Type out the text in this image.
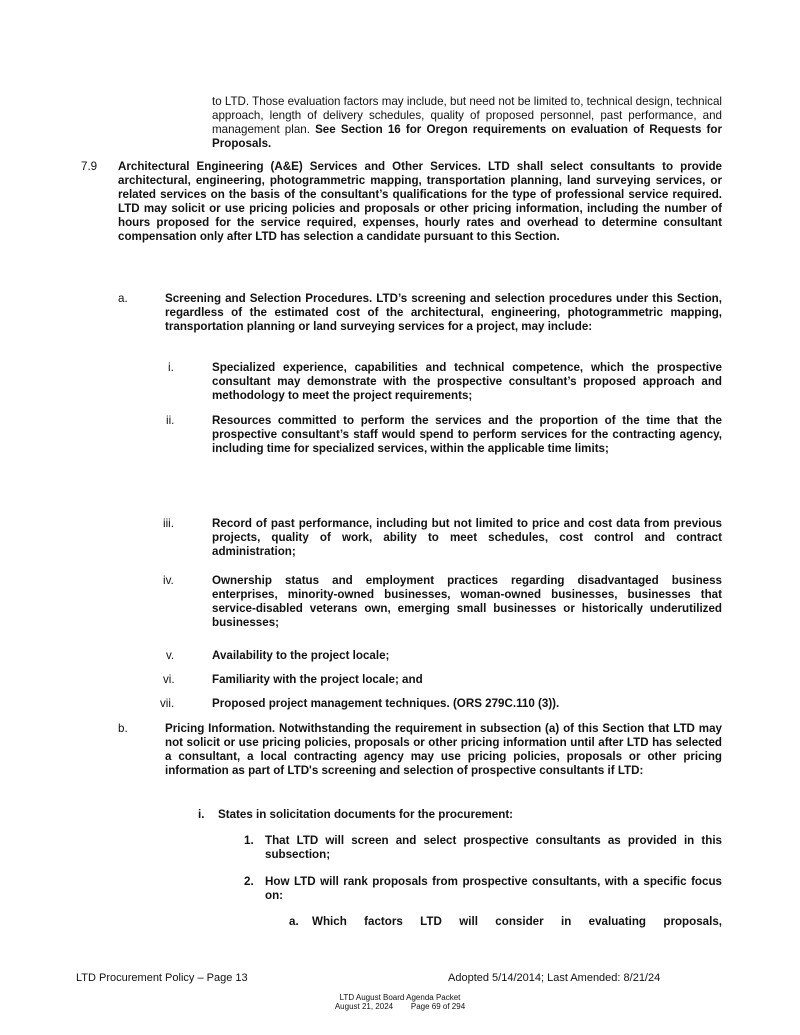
to LTD. Those evaluation factors may include, but need not be limited to, technical design, technical approach, length of delivery schedules, quality of proposed personnel, past performance, and management plan. See Section 16 for Oregon requirements on evaluation of Requests for Proposals.

7.9 Architectural Engineering (A&E) Services and Other Services. LTD shall select consultants to provide architectural, engineering, photogrammetric mapping, transportation planning, land surveying services, or related services on the basis of the consultant’s qualifications for the type of professional service required. LTD may solicit or use pricing policies and proposals or other pricing information, including the number of hours proposed for the service required, expenses, hourly rates and overhead to determine consultant compensation only after LTD has selection a candidate pursuant to this Section.

a.	Screening and Selection Procedures. LTD’s screening and selection procedures under this Section, regardless of the estimated cost of the architectural, engineering, photogrammetric mapping, transportation planning or land surveying services for a project, may include:

i.	Specialized experience, capabilities and technical competence, which the prospective consultant may demonstrate with the prospective consultant’s proposed approach and methodology to meet the project requirements;

ii.	Resources committed to perform the services and the proportion of the time that the prospective consultant’s staff would spend to perform services for the contracting agency, including time for specialized services, within the applicable time limits;

iii.	Record of past performance, including but not limited to price and cost data from previous projects, quality of work, ability to meet schedules, cost control and contract administration;

iv.	Ownership status and employment practices regarding disadvantaged business enterprises, minority-owned businesses, woman-owned businesses, businesses that service-disabled veterans own, emerging small businesses or historically underutilized businesses;

v.	Availability to the project locale;

vi.	Familiarity with the project locale; and

vii.	Proposed project management techniques. (ORS 279C.110 (3)).

b.	Pricing Information. Notwithstanding the requirement in subsection (a) of this Section that LTD may not solicit or use pricing policies, proposals or other pricing information until after LTD has selected a consultant, a local contracting agency may use pricing policies, proposals or other pricing information as part of LTD's screening and selection of prospective consultants if LTD:

i. States in solicitation documents for the procurement:

1. That LTD will screen and select prospective consultants as provided in this subsection;

2. How LTD will rank proposals from prospective consultants, with a specific focus on:

a. Which factors LTD will consider in evaluating proposals,

LTD Procurement Policy – Page 13	Adopted 5/14/2014; Last Amended: 8/21/24
LTD August Board Agenda Packet
August 21, 2024        Page 69 of 294
